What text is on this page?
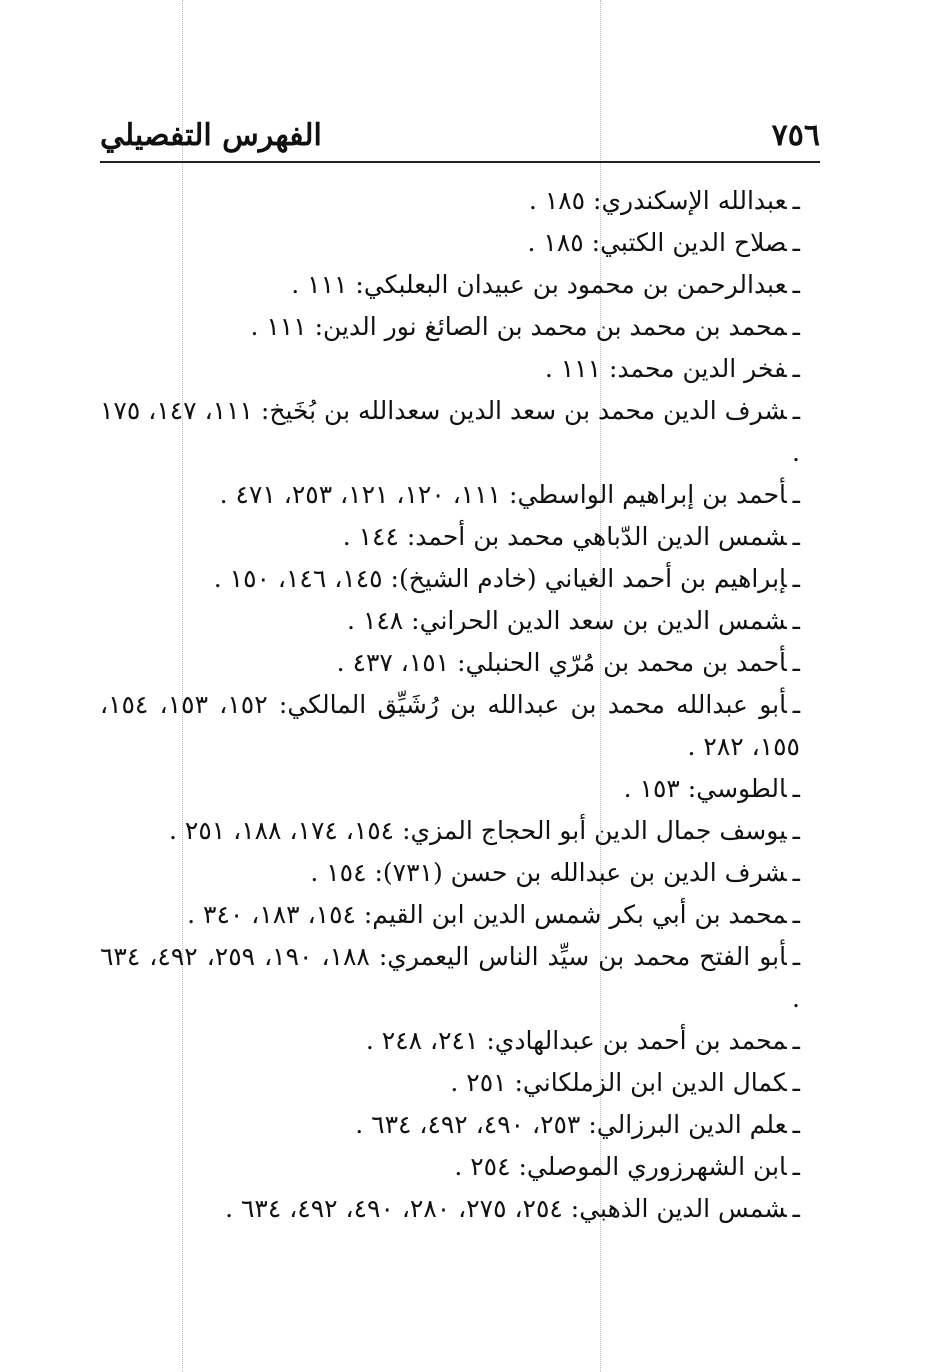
٧٥٦
الفهرس التفصيلي
ـعبدالله الإسكندري: ١٨٥ .
ـصلاح الدين الكتبي: ١٨٥ .
ـعبدالرحمن بن محمود بن عبيدان البعلبكي: ١١١ .
ـمحمد بن محمد بن محمد بن الصائغ نور الدين: ١١١ .
ـفخر الدين محمد: ١١١ .
ـشرف الدين محمد بن سعد الدين سعدالله بن بُخَيخ: ١١١، ١٤٧، ١٧٥ .
ـأحمد بن إبراهيم الواسطي: ١١١، ١٢٠، ١٢١، ٢٥٣، ٤٧١ .
ـشمس الدين الدّباهي محمد بن أحمد: ١٤٤ .
ـإبراهيم بن أحمد الغياني (خادم الشيخ): ١٤٥، ١٤٦، ١٥٠ .
ـشمس الدين بن سعد الدين الحراني: ١٤٨ .
ـأحمد بن محمد بن مُرّي الحنبلي: ١٥١، ٤٣٧ .
ـأبو عبدالله محمد بن عبدالله بن رُشَيِّق المالكي: ١٥٢، ١٥٣، ١٥٤، ١٥٥، ٢٨٢ .
ـالطوسي: ١٥٣ .
ـيوسف جمال الدين أبو الحجاج المزي: ١٥٤، ١٧٤، ١٨٨، ٢٥١ .
ـشرف الدين بن عبدالله بن حسن (٧٣١): ١٥٤ .
ـمحمد بن أبي بكر شمس الدين ابن القيم: ١٥٤، ١٨٣، ٣٤٠ .
ـأبو الفتح محمد بن سيِّد الناس اليعمري: ١٨٨، ١٩٠، ٢٥٩، ٤٩٢، ٦٣٤ .
ـمحمد بن أحمد بن عبدالهادي: ٢٤١، ٢٤٨ .
ـكمال الدين ابن الزملكاني: ٢٥١ .
ـعلم الدين البرزالي: ٢٥٣، ٤٩٠، ٤٩٢، ٦٣٤ .
ـابن الشهرزوري الموصلي: ٢٥٤ .
ـشمس الدين الذهبي: ٢٥٤، ٢٧٥، ٢٨٠، ٤٩٠، ٤٩٢، ٦٣٤ .
